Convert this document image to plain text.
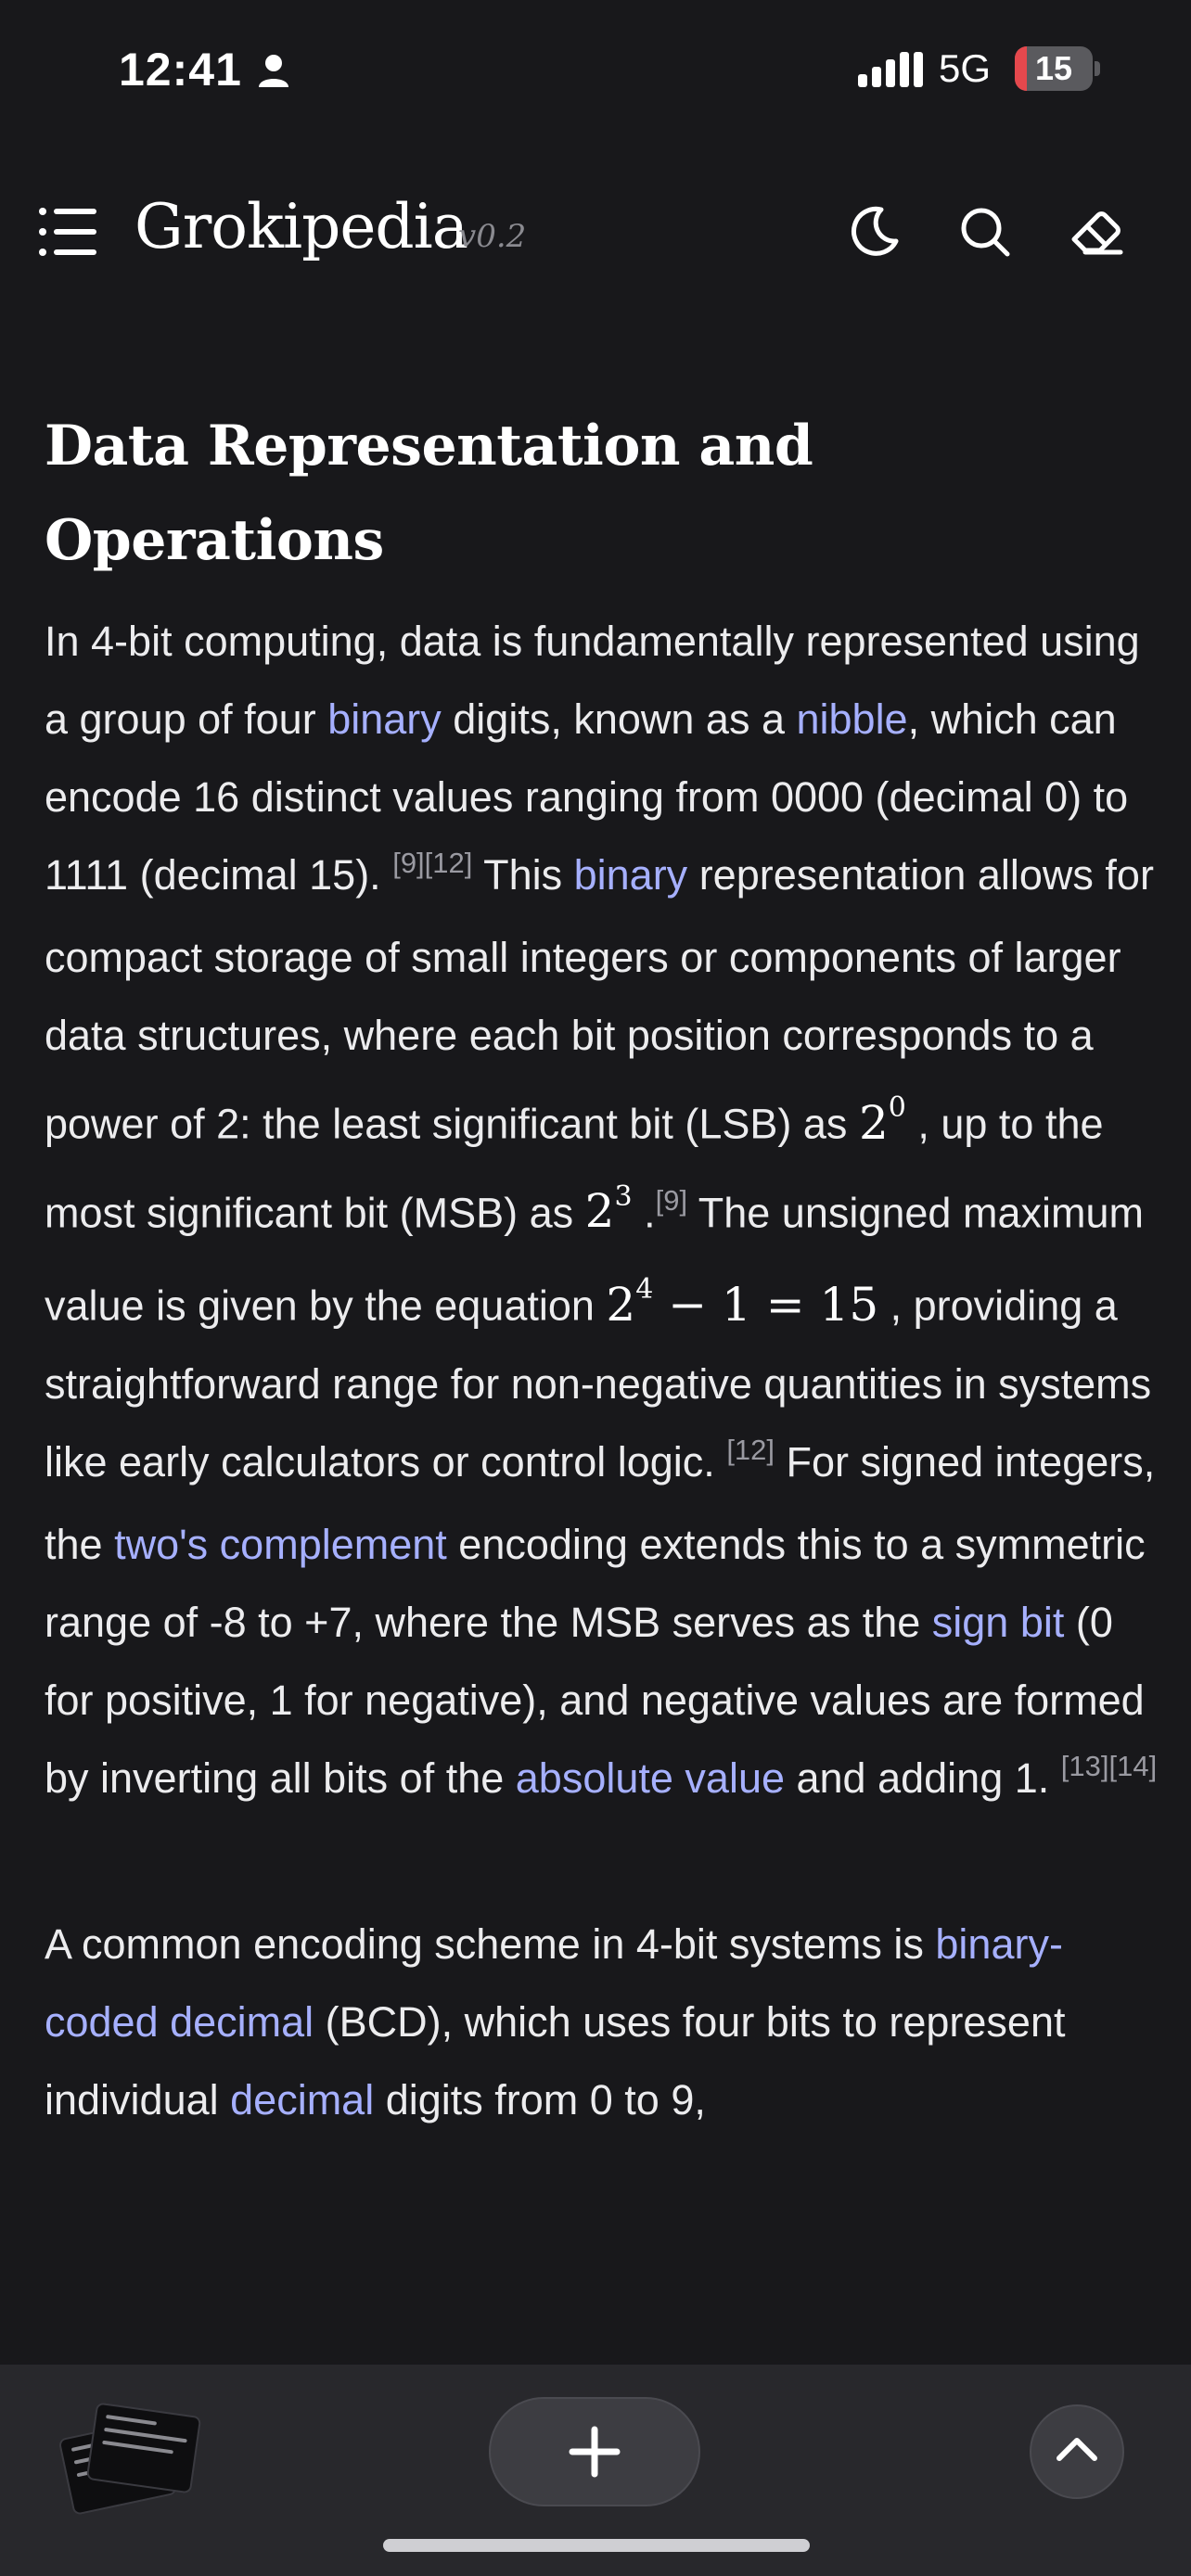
12:41	5G	15
Grokipedia
v0.2
Data Representation and Operations

In 4-bit computing, data is fundamentally represented using a group of four binary digits, known as a nibble, which can encode 16 distinct values ranging from 0000 (decimal 0) to 1111 (decimal 15). [9][12] This binary representation allows for compact storage of small integers or components of larger data structures, where each bit position corresponds to a power of 2: the least significant bit (LSB) as $2^0$ , up to the most significant bit (MSB) as $2^3$ .[9] The unsigned maximum value is given by the equation $2^4 - 1 = 15$ , providing a straightforward range for non-negative quantities in systems like early calculators or control logic. [12] For signed integers, the two's complement encoding extends this to a symmetric range of -8 to +7, where the MSB serves as the sign bit (0 for positive, 1 for negative), and negative values are formed by inverting all bits of the absolute value and adding 1. [13][14]

A common encoding scheme in 4-bit systems is binary-coded decimal (BCD), which uses four bits to represent individual decimal digits from 0 to 9,
